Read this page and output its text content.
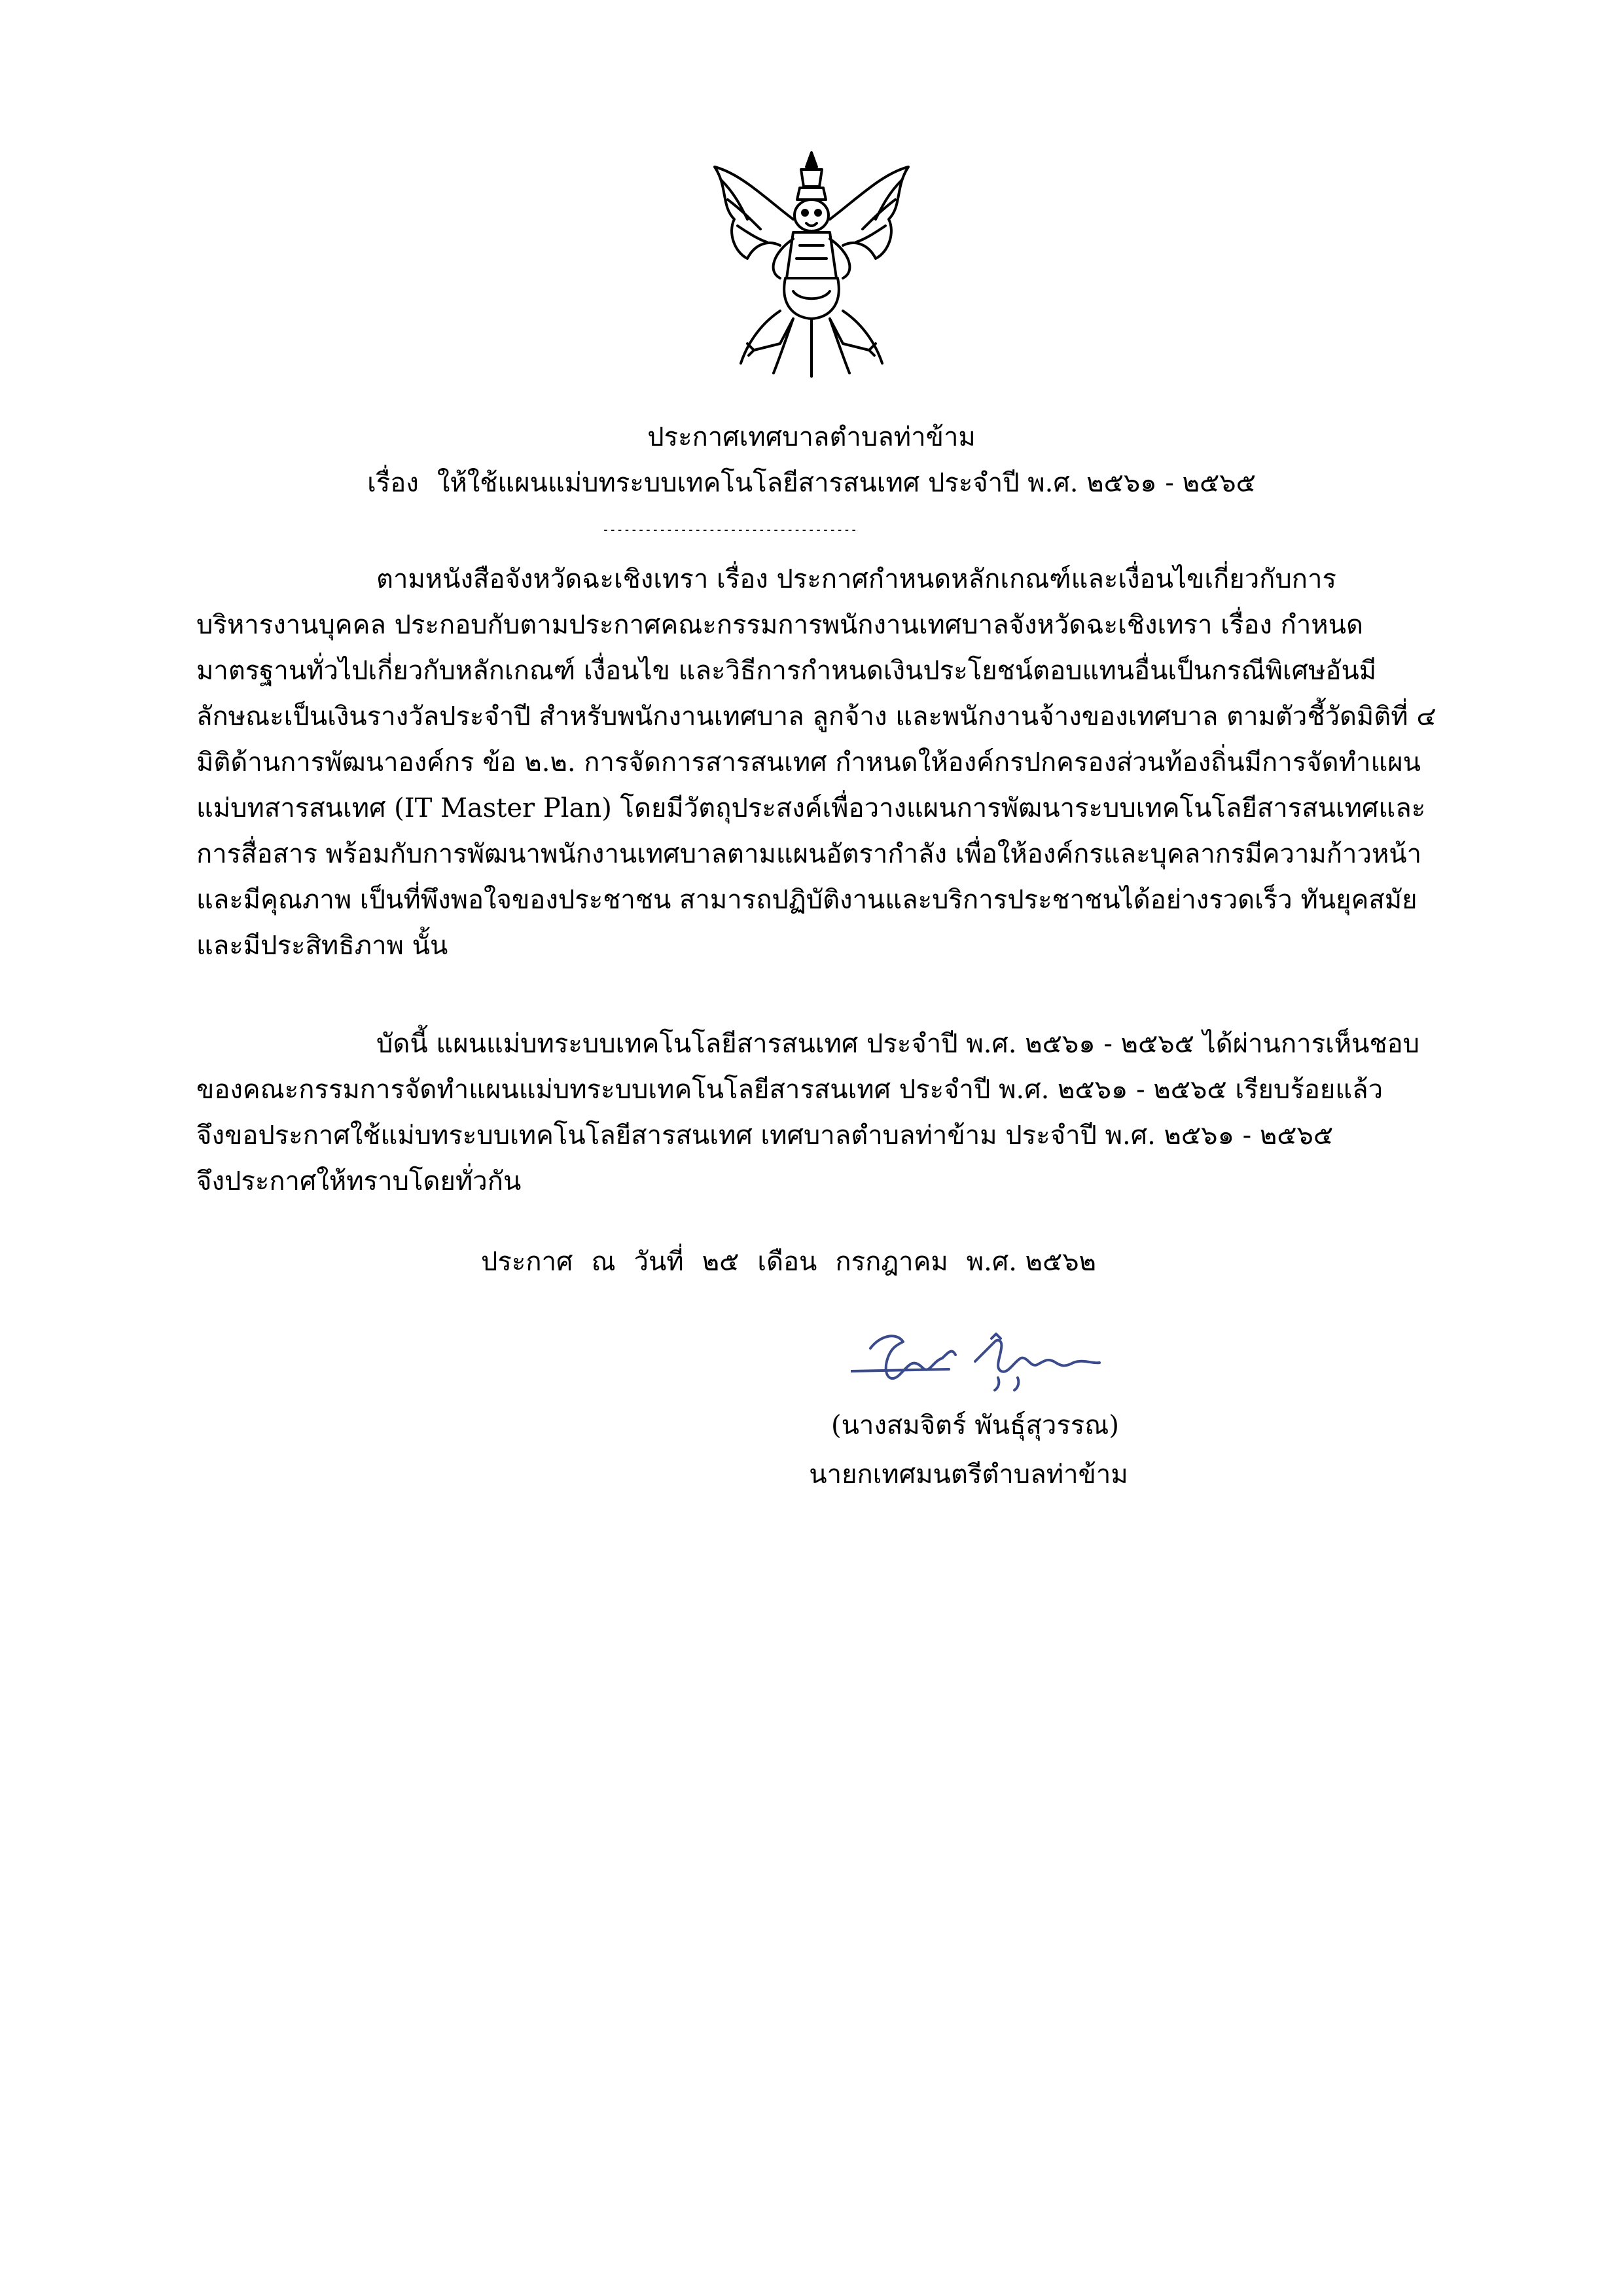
ประกาศเทศบาลตำบลท่าข้าม
เรื่อง ให้ใช้แผนแม่บทระบบเทคโนโลยีสารสนเทศ ประจำปี พ.ศ. ๒๕๖๑ - ๒๕๖๕
------------------------------------
ตามหนังสือจังหวัดฉะเชิงเทรา เรื่อง ประกาศกำหนดหลักเกณฑ์และเงื่อนไขเกี่ยวกับการ
บริหารงานบุคคล ประกอบกับตามประกาศคณะกรรมการพนักงานเทศบาลจังหวัดฉะเชิงเทรา เรื่อง กำหนด
มาตรฐานทั่วไปเกี่ยวกับหลักเกณฑ์ เงื่อนไข และวิธีการกำหนดเงินประโยชน์ตอบแทนอื่นเป็นกรณีพิเศษอันมี
ลักษณะเป็นเงินรางวัลประจำปี สำหรับพนักงานเทศบาล ลูกจ้าง และพนักงานจ้างของเทศบาล ตามตัวชี้วัดมิติที่ ๔
มิติด้านการพัฒนาองค์กร ข้อ ๒.๒. การจัดการสารสนเทศ กำหนดให้องค์กรปกครองส่วนท้องถิ่นมีการจัดทำแผน
แม่บทสารสนเทศ (IT Master Plan) โดยมีวัตถุประสงค์เพื่อวางแผนการพัฒนาระบบเทคโนโลยีสารสนเทศและ
การสื่อสาร พร้อมกับการพัฒนาพนักงานเทศบาลตามแผนอัตรากำลัง เพื่อให้องค์กรและบุคลากรมีความก้าวหน้า
และมีคุณภาพ เป็นที่พึงพอใจของประชาชน สามารถปฏิบัติงานและบริการประชาชนได้อย่างรวดเร็ว ทันยุคสมัย
และมีประสิทธิภาพ นั้น
บัดนี้ แผนแม่บทระบบเทคโนโลยีสารสนเทศ ประจำปี พ.ศ. ๒๕๖๑ - ๒๕๖๕ ได้ผ่านการเห็นชอบ
ของคณะกรรมการจัดทำแผนแม่บทระบบเทคโนโลยีสารสนเทศ ประจำปี พ.ศ. ๒๕๖๑ - ๒๕๖๕ เรียบร้อยแล้ว
จึงขอประกาศใช้แม่บทระบบเทคโนโลยีสารสนเทศ เทศบาลตำบลท่าข้าม ประจำปี พ.ศ. ๒๕๖๑ - ๒๕๖๕
จึงประกาศให้ทราบโดยทั่วกัน
ประกาศ ณ วันที่ ๒๕ เดือน กรกฎาคม พ.ศ. ๒๕๖๒
(นางสมจิตร์ พันธุ์สุวรรณ)
นายกเทศมนตรีตำบลท่าข้าม
